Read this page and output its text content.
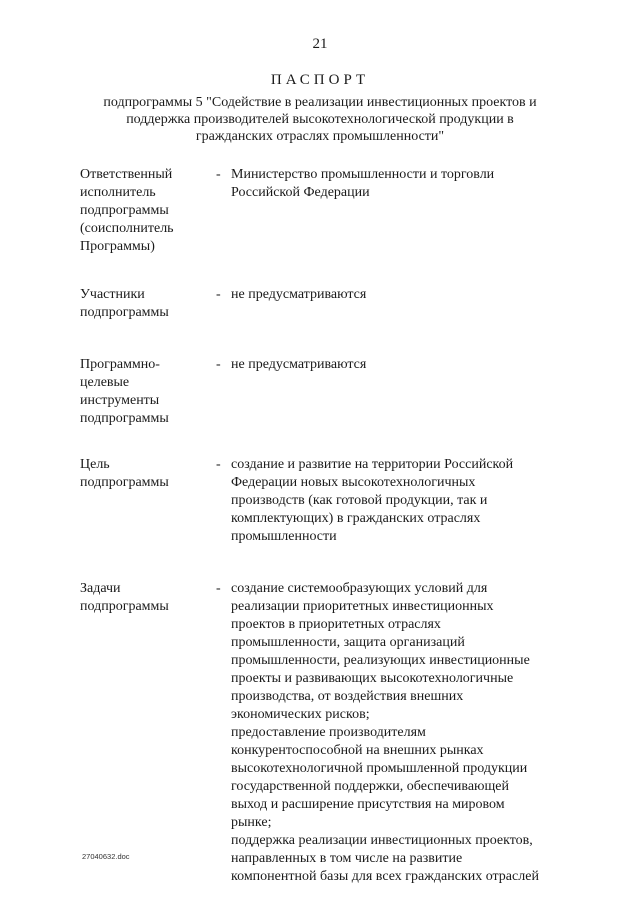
21
ПАСПОРТ
подпрограммы 5 "Содействие в реализации инвестиционных проектов и
поддержка производителей высокотехнологической продукции в
гражданских отраслях промышленности"
Ответственный
исполнитель
подпрограммы
(соисполнитель
Программы)
- Министерство промышленности и торговли
Российской Федерации
Участники
подпрограммы
- не предусматриваются
Программно-
целевые
инструменты
подпрограммы
- не предусматриваются
Цель
подпрограммы
- создание и развитие на территории Российской
Федерации новых высокотехнологичных
производств (как готовой продукции, так и
комплектующих) в гражданских отраслях
промышленности
Задачи
подпрограммы
- создание системообразующих условий для
реализации приоритетных инвестиционных
проектов в приоритетных отраслях
промышленности, защита организаций
промышленности, реализующих инвестиционные
проекты и развивающих высокотехнологичные
производства, от воздействия внешних
экономических рисков;
предоставление производителям
конкурентоспособной на внешних рынках
высокотехнологичной промышленной продукции
государственной поддержки, обеспечивающей
выход и расширение присутствия на мировом
рынке;
поддержка реализации инвестиционных проектов,
направленных в том числе на развитие
компонентной базы для всех гражданских отраслей
27040632.doc
